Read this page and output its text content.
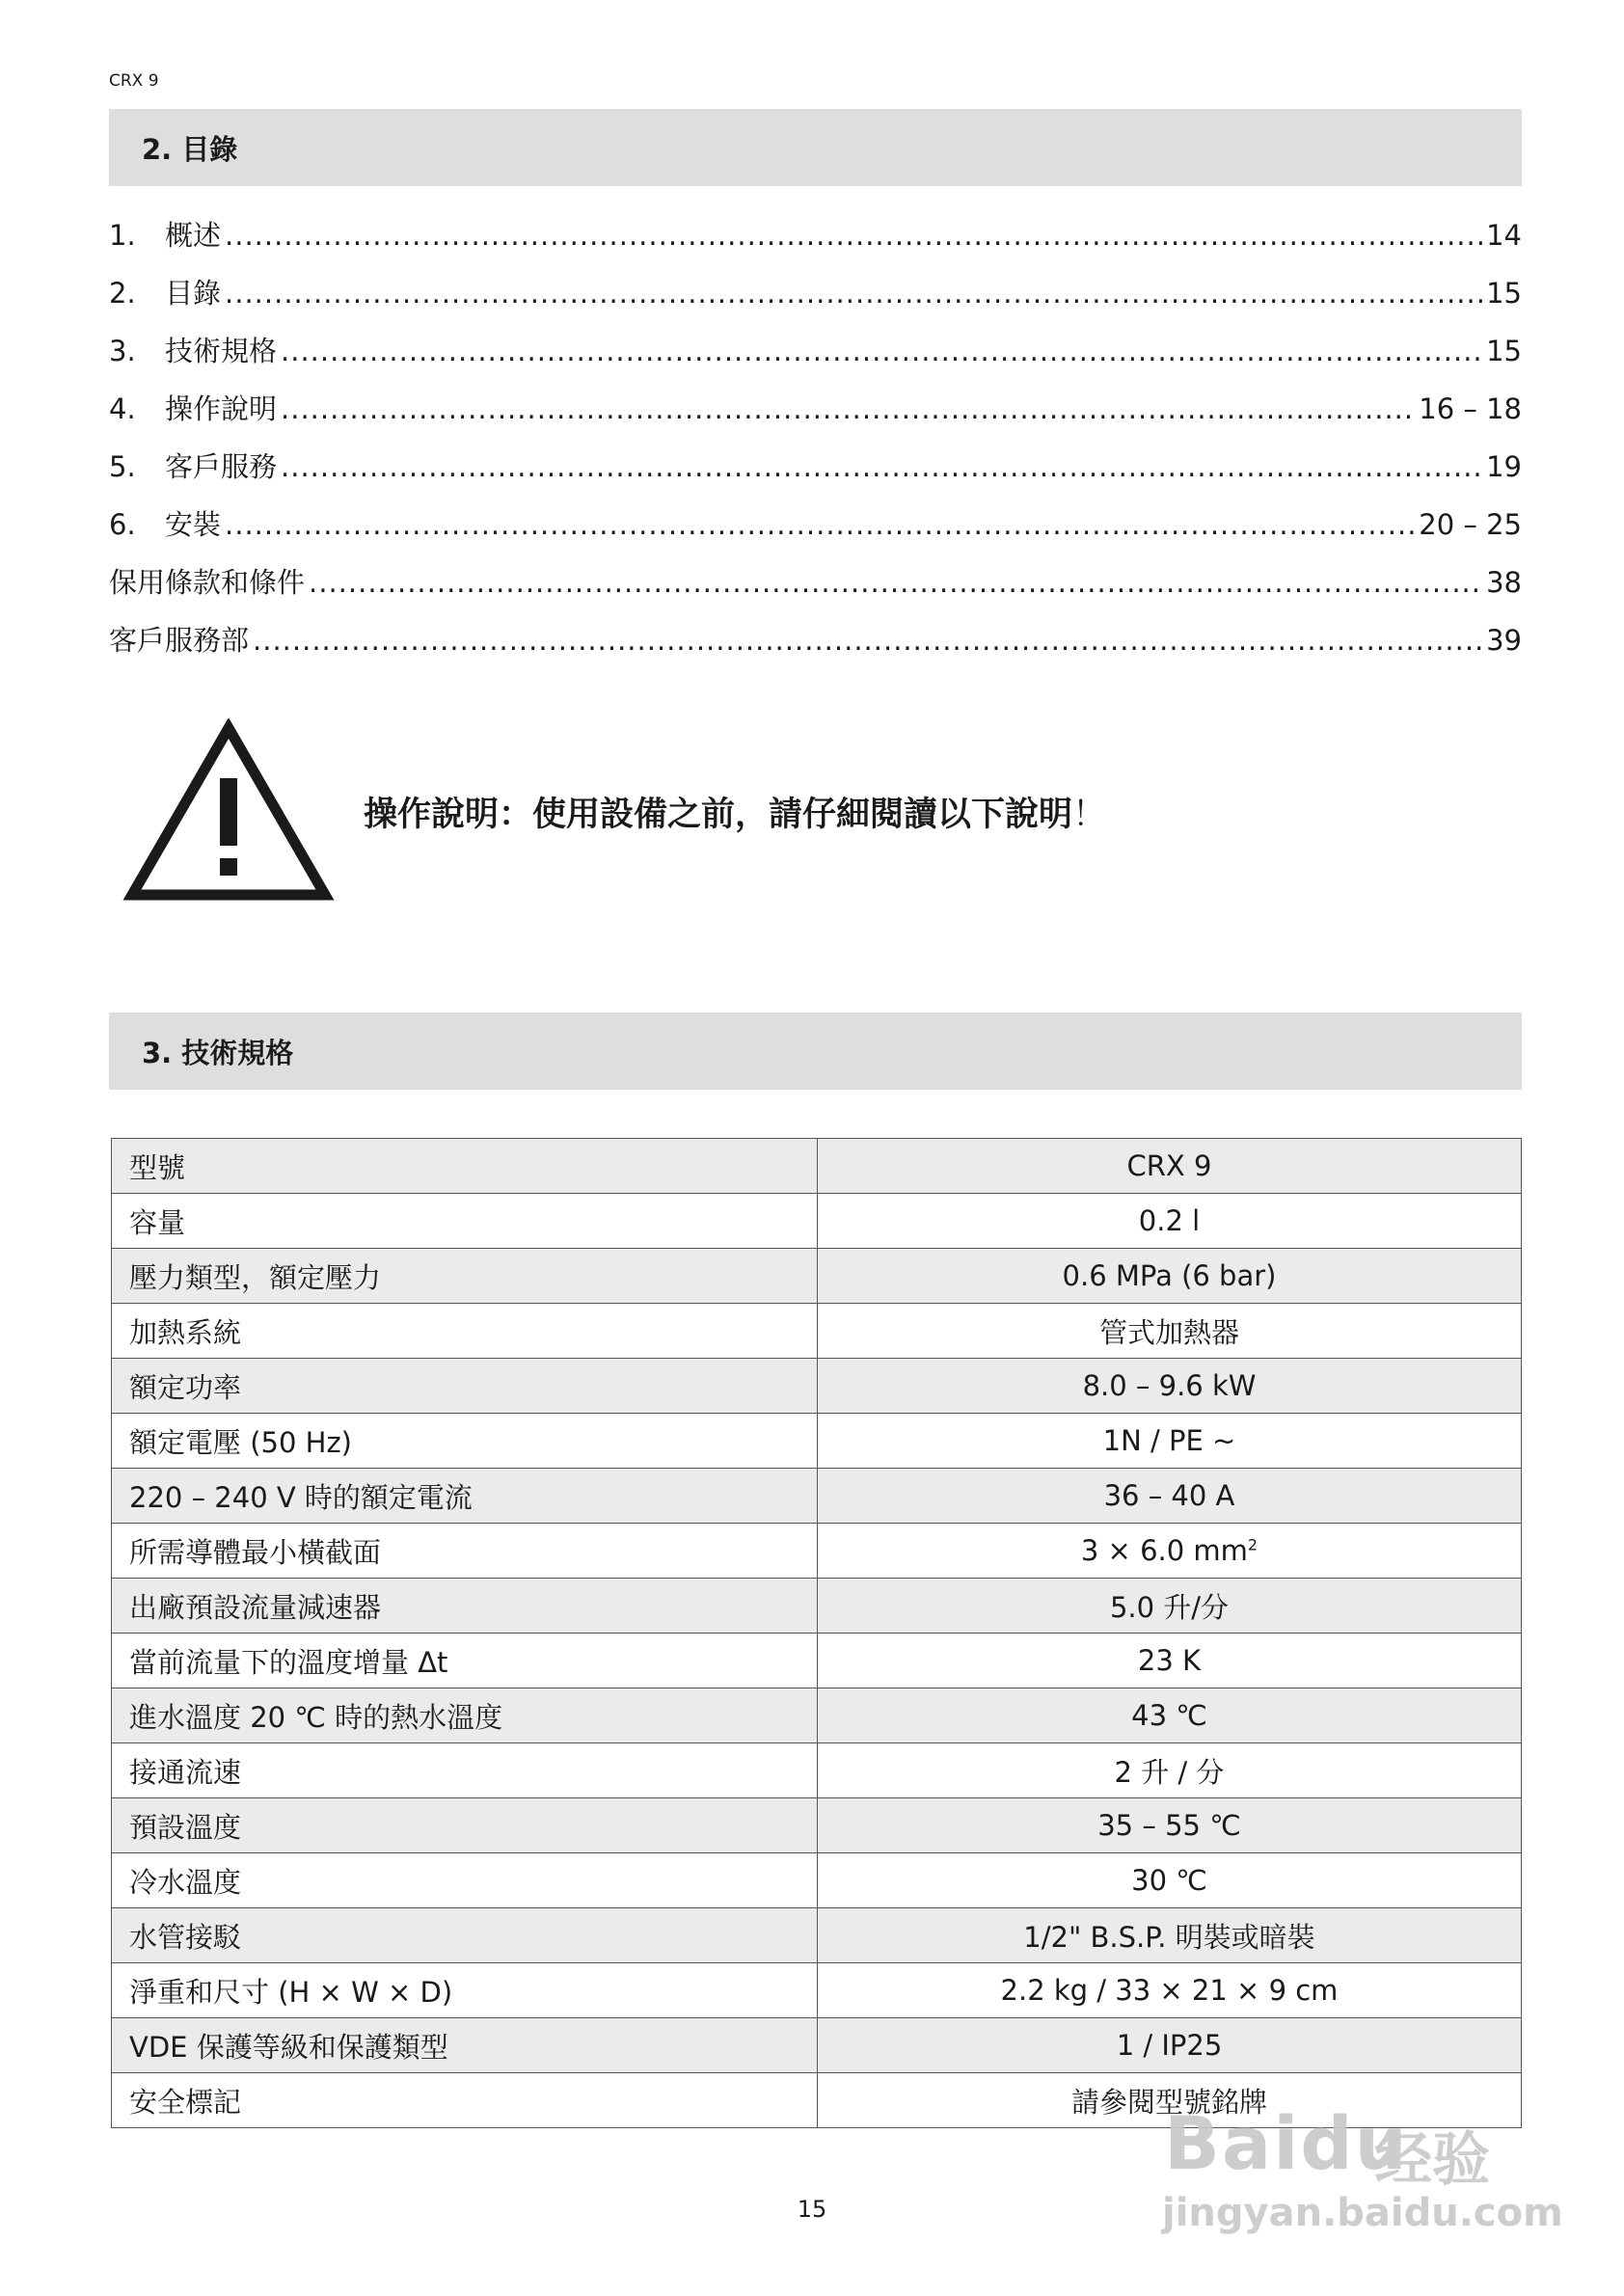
CRX 9
2. 目錄
1.	概述 .....	14
2.	目錄 .....	15
3.	技術規格 .....	15
4.	操作說明 .....	16 – 18
5.	客戶服務 .....	19
6.	安裝 .....	20 – 25
保用條款和條件 .....	38
客戶服務部 .....	39
操作說明：使用設備之前，請仔細閱讀以下說明！
3. 技術規格
型號	CRX 9
容量	0.2 l
壓力類型，額定壓力	0.6 MPa (6 bar)
加熱系統	管式加熱器
額定功率	8.0 – 9.6 kW
額定電壓 (50 Hz)	1N / PE ~
220 – 240 V 時的額定電流	36 – 40 A
所需導體最小橫截面	3 × 6.0 $mm^2$
出廠預設流量減速器	5.0 升/分
當前流量下的溫度增量 Δt	23 K
進水溫度 20 ℃ 時的熱水溫度	43 ℃
接通流速	2 升 / 分
預設溫度	35 – 55 ℃
冷水溫度	30 ℃
水管接駁	1/2" B.S.P. 明裝或暗裝
淨重和尺寸 (H × W × D)	2.2 kg / 33 × 21 × 9 cm
VDE 保護等級和保護類型	1 / IP25
安全標記	請參閱型號銘牌
15
Baidu
经验
jingyan.baidu.com
